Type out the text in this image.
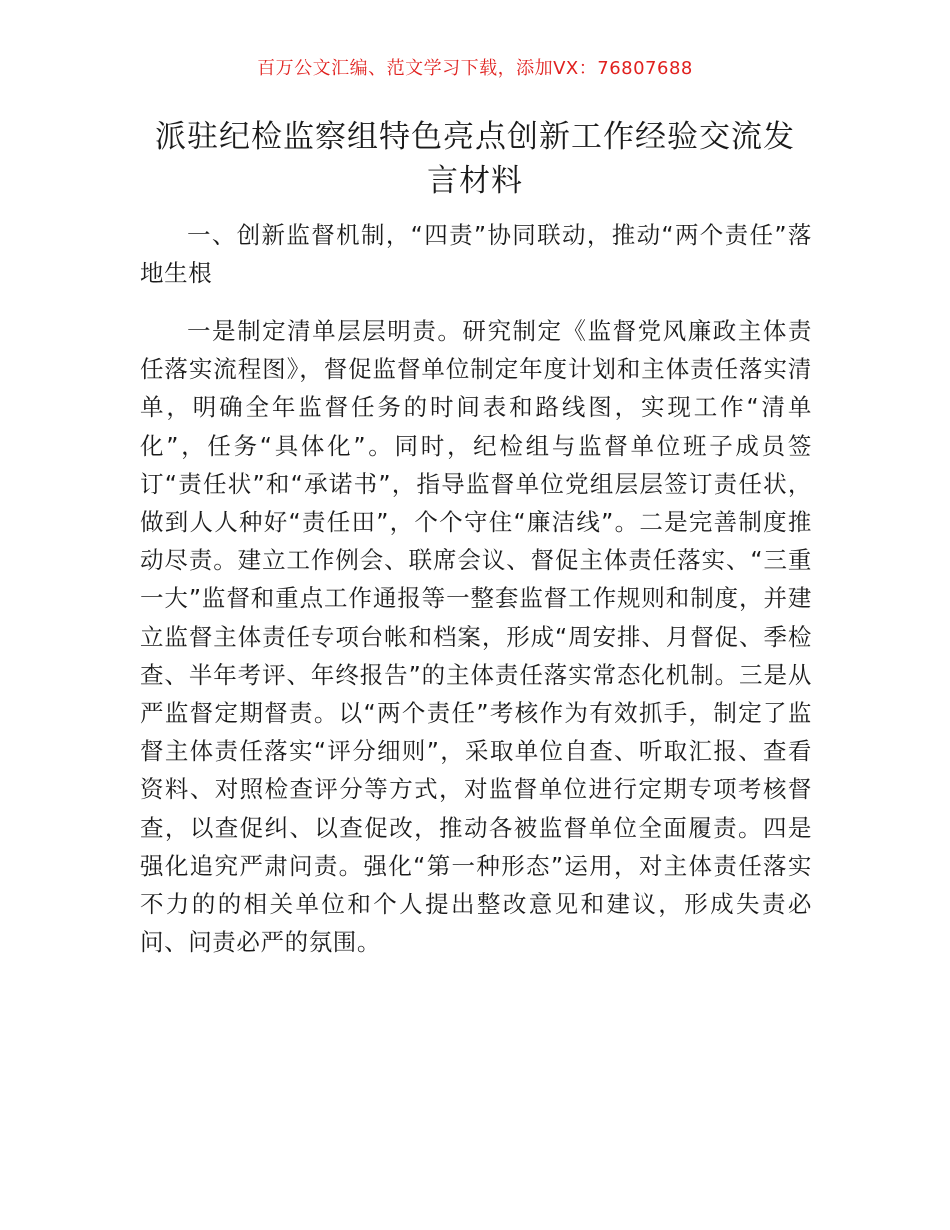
百万公文汇编、范文学习下载，添加VX：76807688
派驻纪检监察组特色亮点创新工作经验交流发言材料
一、创新监督机制，“四责”协同联动，推动“两个责任”落地生根
一是制定清单层层明责。研究制定《监督党风廉政主体责任落实流程图》，督促监督单位制定年度计划和主体责任落实清单，明确全年监督任务的时间表和路线图，实现工作“清单化”，任务“具体化”。同时，纪检组与监督单位班子成员签订“责任状”和“承诺书”，指导监督单位党组层层签订责任状，做到人人种好“责任田”，个个守住“廉洁线”。二是完善制度推动尽责。建立工作例会、联席会议、督促主体责任落实、“三重一大”监督和重点工作通报等一整套监督工作规则和制度，并建立监督主体责任专项台帐和档案，形成“周安排、月督促、季检查、半年考评、年终报告”的主体责任落实常态化机制。三是从严监督定期督责。以“两个责任”考核作为有效抓手，制定了监督主体责任落实“评分细则”，采取单位自查、听取汇报、查看资料、对照检查评分等方式，对监督单位进行定期专项考核督查，以查促纠、以查促改，推动各被监督单位全面履责。四是强化追究严肃问责。强化“第一种形态”运用，对主体责任落实不力的的相关单位和个人提出整改意见和建议，形成失责必问、问责必严的氛围。
